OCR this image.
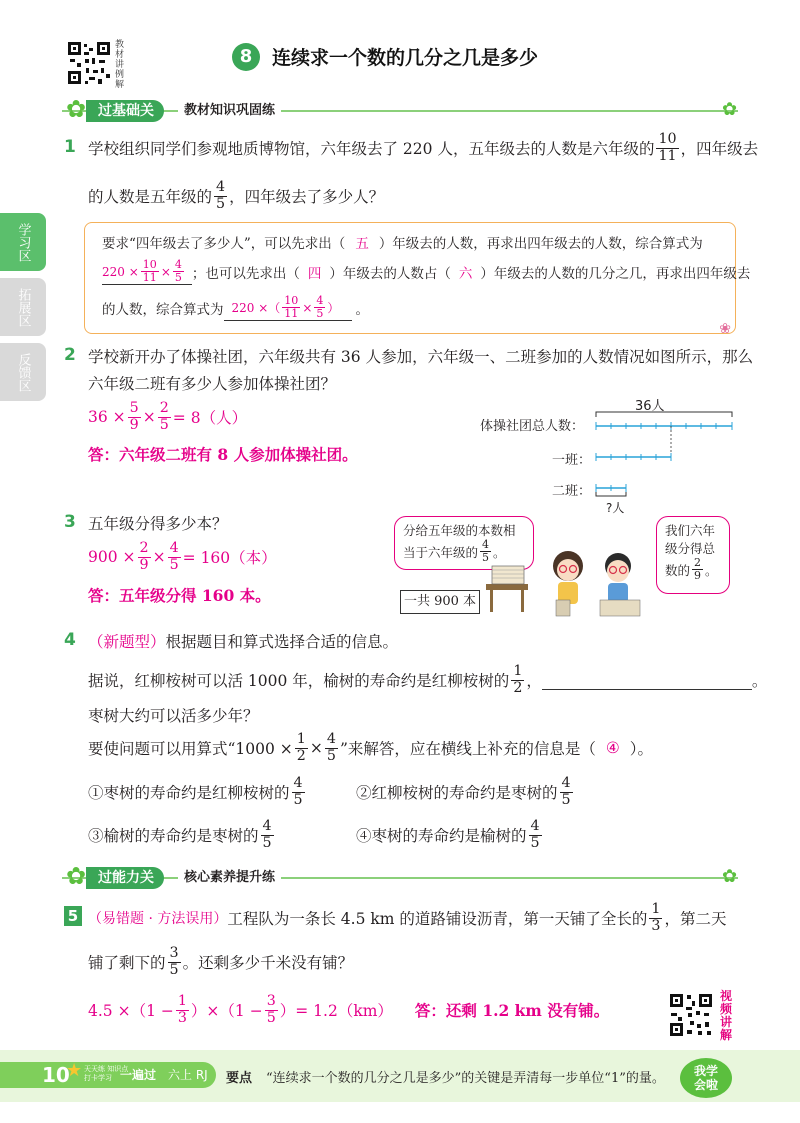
教材讲例解
8	连续求一个数的几分之几是多少
✿ 过基础关	教材知识巩固练	✿
学习区
拓展区
反馈区
1 学校组织同学们参观地质博物馆，六年级去了 220 人，五年级去的人数是六年级的 $\frac{10}{11}$ ，四年级去
的人数是五年级的 $\frac{4}{5}$ ，四年级去了多少人？
❀
要求“四年级去了多少人”，可以先求出（ 五 ）年级去的人数，再求出四年级去的人数，综合算式为
$220 \times \frac{10}{11} \times \frac{4}{5}$ ；也可以先求出（ 四 ）年级去的人数占（ 六 ）年级去的人数的几分之几，再求出四年级去
的人数，综合算式为 220 ×（ $\frac{10}{11} \times \frac{4}{5}$ ） 。
2 学校新开办了体操社团，六年级共有 36 人参加，六年级一、二班参加的人数情况如图所示，那么
六年级二班有多少人参加体操社团？
$36 \times \frac{5}{9} \times \frac{2}{5} = 8$（人）
答：六年级二班有 8 人参加体操社团。
36人
体操社团总人数：
一班：
二班：
?人
3 五年级分得多少本？
$900 \times \frac{2}{9} \times \frac{4}{5} = 160$（本）
答：五年级分得 160 本。
分给五年级的本数相
当于六年级的 $\frac{4}{5}$ 。
我们六年
级分得总
数的 $\frac{2}{9}$ 。
一共 900 本
4 （新题型）根据题目和算式选择合适的信息。
据说，红柳桉树可以活 1000 年，榆树的寿命约是红柳桉树的 $\frac{1}{2}$ ，	。
枣树大约可以活多少年？
要使问题可以用算式“$1000 \times \frac{1}{2} \times \frac{4}{5}$ ”来解答，应在横线上补充的信息是（ ④ ）。
①枣树的寿命约是红柳桉树的 $\frac{4}{5}$	②红柳桉树的寿命约是枣树的 $\frac{4}{5}$
③榆树的寿命约是枣树的 $\frac{4}{5}$	④枣树的寿命约是榆树的 $\frac{4}{5}$
✿ 过能力关	核心素养提升练	✿
5 （易错题 · 方法误用） 工程队为一条长 4.5 km 的道路铺设沥青，第一天铺了全长的 $\frac{1}{3}$ ，第二天
铺了剩下的 $\frac{3}{5}$ 。还剩多少千米没有铺？
$4.5 \times(1 - \frac{1}{3} )\times(1 - \frac{3}{5}$ ）= 1.2（km）	答：还剩 1.2 km 没有铺。
视频讲解
10
★ 天天练 知识点
打卡学习 一遍过 六上 RJ 要点 “连续求一个数的几分之几是多少”的关键是弄清每一步单位“1”的量。 我学会啦
